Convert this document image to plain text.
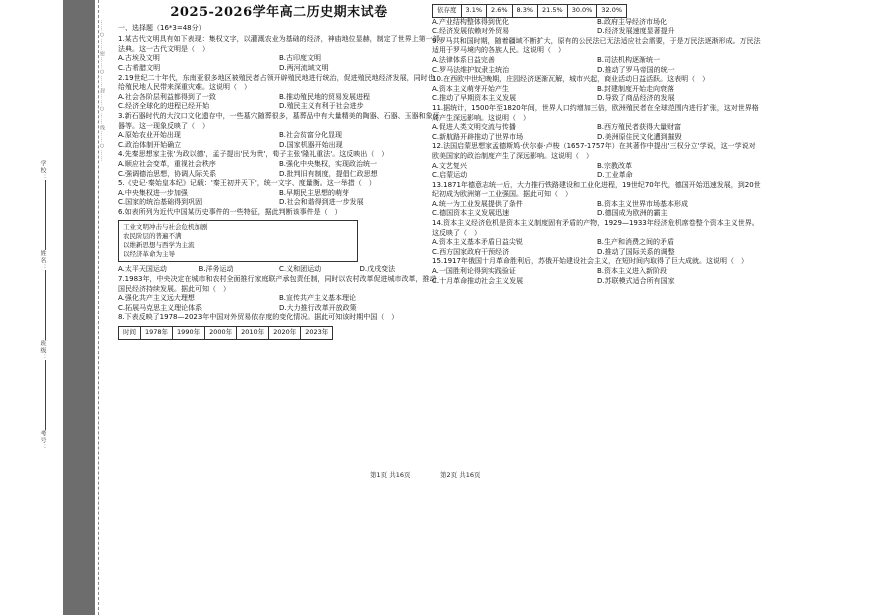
学校：
姓名：
班级：
考号：
……○……密……○……封……○……线……○……
2025-2026学年高二历史期末试卷
一、选择题（16*3=48分）
1.某古代文明具有如下表现：集权文字，以灌溉农业为基础的经济，神庙地位显赫，制定了世界上第一部法典。这一古代文明是（　）
A.古埃及文明	B.古印度文明
C.古希腊文明	D.两河流域文明
2.19世纪二十年代，东南亚很多地区被殖民者占领开辟殖民地进行统治，促进殖民地经济发展，同时也给殖民地人民带来深重灾难。这说明（　）
A.社会各阶层利益都得到了一致	B.推动殖民地的贸易发展进程
C.经济全球化的进程已经开始	D.殖民主义有利于社会进步
3.新石器时代的大汶口文化遗存中，一些墓穴随葬很多，墓葬品中有大量精美的陶器、石器、玉器和象牙器等。这一现象反映了（　）
A.原始农业开始出现	B.社会贫富分化显现
C.政治体制开始确立	D.国家机器开始出现
4.先秦思想家主张'为政以德'，孟子提出'民为贵'，荀子主张'隆礼重法'。这反映出（　）
A.顺应社会变革，重视社会秩序	B.强化中央集权，实现政治统一
C.强调德治思想，协调人际关系	D.批判旧有制度，提倡仁政思想
5.《史记·秦始皇本纪》记载：'秦王初并天下'，统一文字、度量衡。这一举措（　）
A.中央集权进一步加强	B.早期民主思想的萌芽
C.国家的统治基础得到巩固	D.社会和谐得到进一步发展
6.如表所列为近代中国某历史事件的一些特征，据此判断该事件是（　）
工业文明冲击与社会危机加剧
农民阶层的普遍不满
以维新思想与西学为主流
以经济革命为主导
A.太平天国运动	B.洋务运动	C.义和团运动	D.戊戌变法
7.1983年，中央决定在城市和农村全面推行家庭联产承包责任制，同时以农村改革促进城市改革，推动国民经济持续发展。据此可知（　）
A.强化共产主义远大理想	B.宣传共产主义基本理论
C.拓展马克思主义理论体系	D.大力推行改革开放政策
8.下表反映了1978—2023年中国对外贸易依存度的变化情况。据此可知该时期中国（　）
时间	1978年	1990年	2000年	2010年	2020年	2023年
依存度	3.1%	2.6%	8.3%	21.5%	30.0%	32.0%
A.产业结构整体得到优化	B.政府主导经济市场化
C.经济发展依赖对外贸易	D.经济发展速度显著提升
9.罗马共和国时期，随着疆域不断扩大，原有的公民法已无法适应社会需要，于是万民法逐渐形成。万民法适用于罗马境内的各族人民。这说明（　）
A.法律体系日益完善	B.司法机构逐渐统一
C.罗马法维护奴隶主统治	D.推动了罗马帝国的统一
10.在西欧中世纪晚期，庄园经济逐渐瓦解，城市兴起，商业活动日益活跃。这表明（　）
A.资本主义萌芽开始产生	B.封建制度开始走向衰落
C.推动了早期资本主义发展	D.导致了商品经济的发展
11.据统计，1500年至1820年间，世界人口约增加三倍，欧洲殖民者在全球范围内进行扩张，这对世界格局产生深远影响。这说明（　）
A.促进人类文明交流与传播	B.西方殖民者获得大量财富
C.新航路开辟推动了世界市场	D.美洲原住民文化遭到摧毁
12.法国启蒙思想家孟德斯鸠·伏尔泰·卢梭（1657-1757年）在其著作中提出'三权分立'学说，这一学说对欧美国家的政治制度产生了深远影响。这说明（　）
A.文艺复兴	B.宗教改革
C.启蒙运动	D.工业革命
13.1871年德意志统一后，大力推行铁路建设和工业化进程，19世纪70年代，德国开始迅速发展，到20世纪初成为欧洲第一工业强国。据此可知（　）
A.统一为工业发展提供了条件	B.资本主义世界市场基本形成
C.德国资本主义发展迅速	D.德国成为欧洲的霸主
14.资本主义经济危机是资本主义制度固有矛盾的产物，1929—1933年经济危机席卷整个资本主义世界。这反映了（　）
A.资本主义基本矛盾日益尖锐	B.生产和消费之间的矛盾
C.西方国家政府干预经济	D.推动了国际关系的调整
15.1917年俄国十月革命胜利后，苏俄开始建设社会主义，在短时间内取得了巨大成就。这说明（　）
A.一国胜利论得到实践验证	B.资本主义进入新阶段
C.十月革命推动社会主义发展	D.苏联模式适合所有国家
第1页 共16页	第2页 共16页
